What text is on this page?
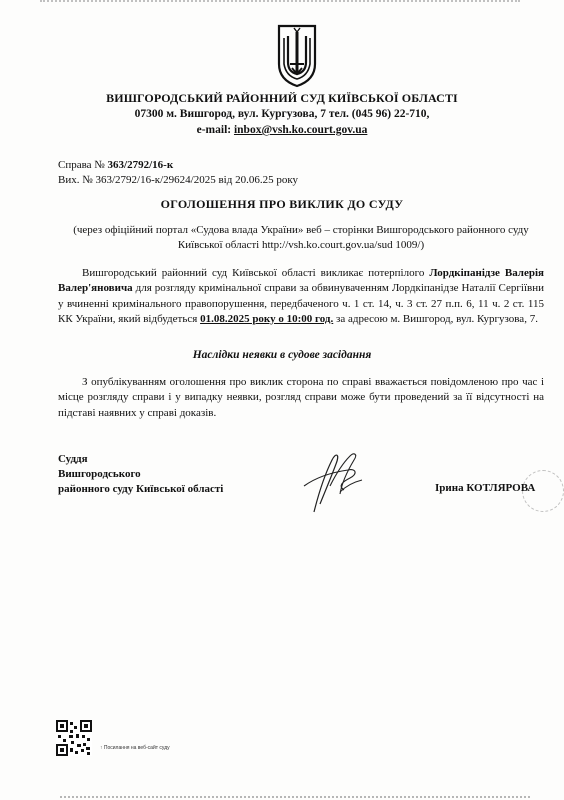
ВИШГОРОДСЬКИЙ РАЙОННИЙ СУД КИЇВСЬКОЇ ОБЛАСТІ
07300 м. Вишгород, вул. Кургузова, 7 тел. (045 96) 22-710,
e-mail: inbox@vsh.ko.court.gov.ua
Справа № 363/2792/16-к
Вих. № 363/2792/16-к/29624/2025 від 20.06.25 року
ОГОЛОШЕННЯ ПРО ВИКЛИК ДО СУДУ
(через офіційний портал «Судова влада України» веб – сторінки Вишгородського районного суду Київської області http://vsh.ko.court.gov.ua/sud 1009/)
Вишгородський районний суд Київської області викликає потерпілого Лордкіпанідзе Валерія Валер'яновича для розгляду кримінальної справи за обвинуваченням Лордкіпанідзе Наталії Сергіївни у вчиненні кримінального правопорушення, передбаченого ч. 1 ст. 14, ч. 3 ст. 27 п.п. 6, 11 ч. 2 ст. 115 КК України, який відбудеться 01.08.2025 року о 10:00 год. за адресою м. Вишгород, вул. Кургузова, 7.
Наслідки неявки в судове засідання
З опублікуванням оголошення про виклик сторона по справі вважається повідомленою про час і місце розгляду справи і у випадку неявки, розгляд справи може бути проведений за її відсутності на підставі наявних у справі доказів.
Суддя
Вишгородського
районного суду Київської області	Ірина КОТЛЯРОВА
↑ Посилання на веб-сайт суду
